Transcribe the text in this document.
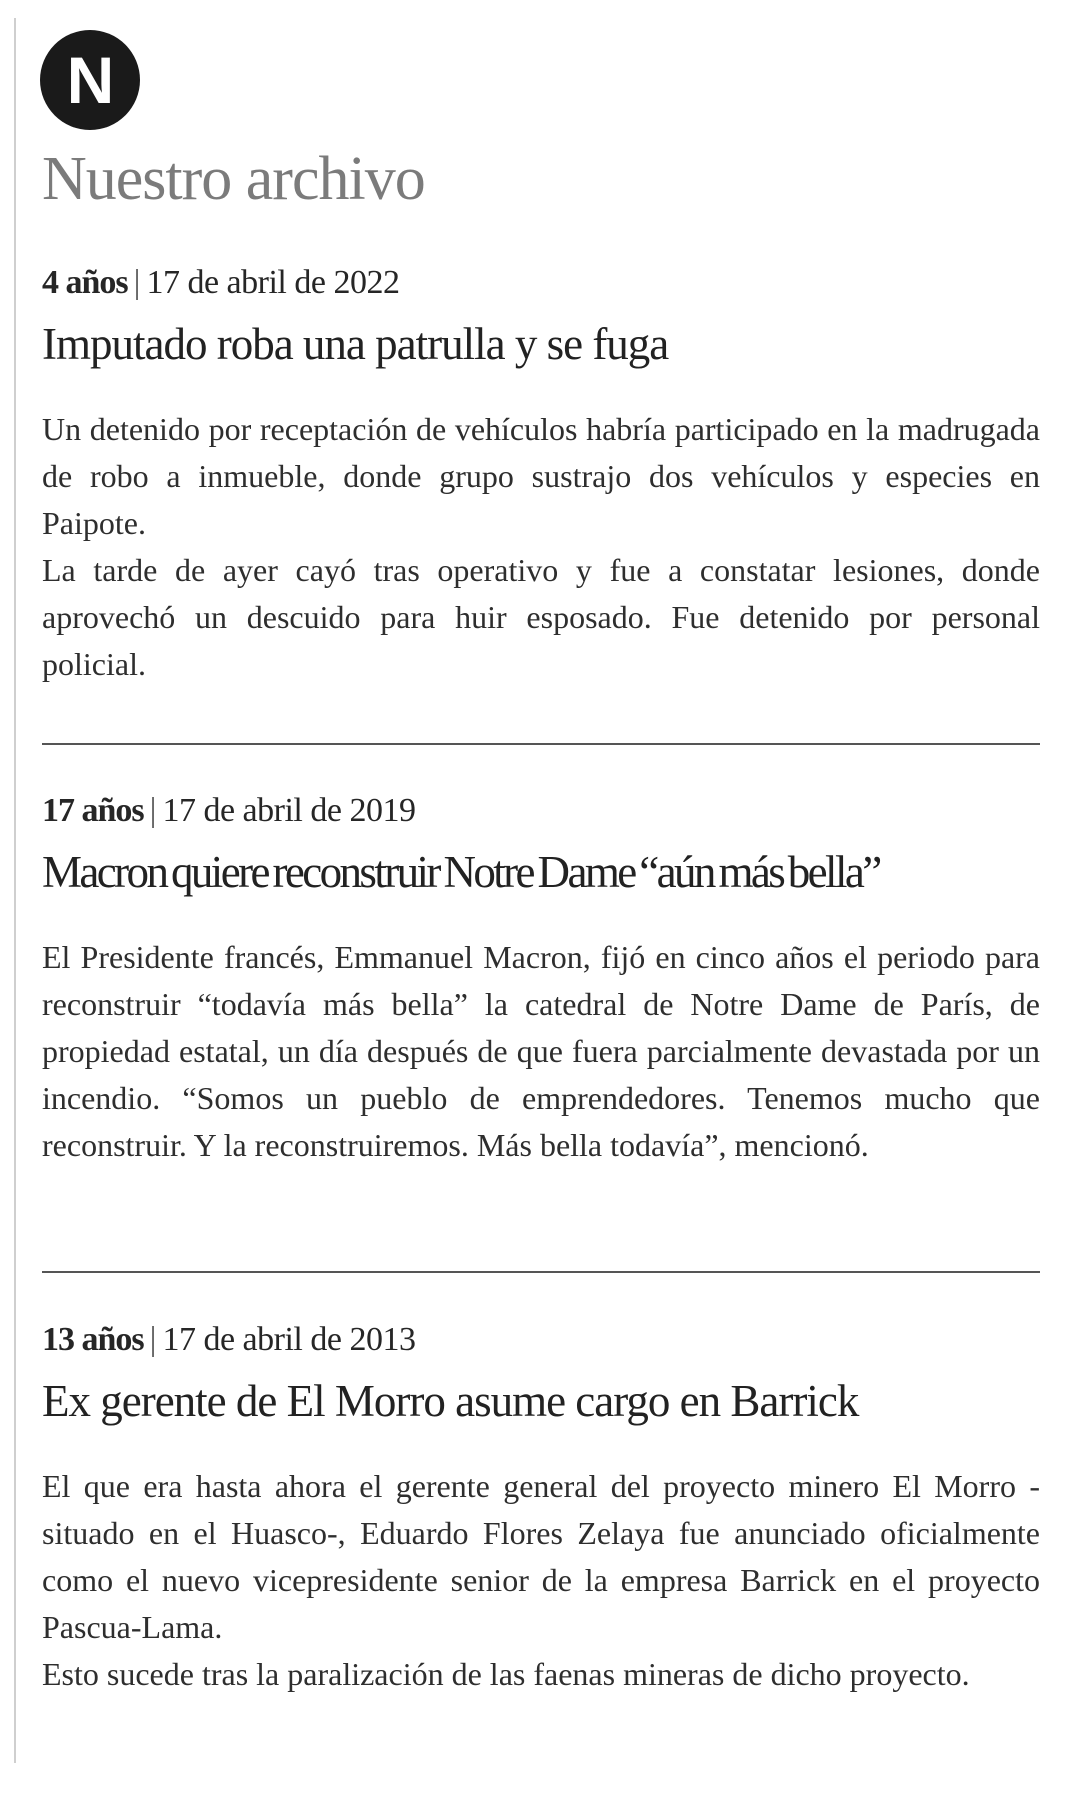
N
Nuestro archivo
4 años | 17 de abril de 2022
Imputado roba una patrulla y se fuga

Un detenido por receptación de vehículos habría participado en la madrugada de robo a inmueble, donde grupo sustrajo dos vehículos y especies en Paipote.

La tarde de ayer cayó tras operativo y fue a constatar lesiones, donde aprovechó un descuido para huir esposado. Fue detenido por personal policial.

17 años | 17 de abril de 2019
Macron quiere reconstruir Notre Dame “aún más bella”

El Presidente francés, Emmanuel Macron, fijó en cinco años el periodo para reconstruir “todavía más bella” la catedral de Notre Dame de París, de propiedad estatal, un día después de que fuera parcialmente devastada por un incendio. “Somos un pueblo de emprendedores. Tenemos mucho que reconstruir. Y la reconstruiremos. Más bella todavía”, mencionó.

13 años | 17 de abril de 2013
Ex gerente de El Morro asume cargo en Barrick

El que era hasta ahora el gerente general del proyecto minero El Morro -situado en el Huasco-, Eduardo Flores Zelaya fue anunciado oficialmente como el nuevo vicepresidente senior de la empresa Barrick en el proyecto Pascua-Lama.

Esto sucede tras la paralización de las faenas mineras de dicho proyecto.
